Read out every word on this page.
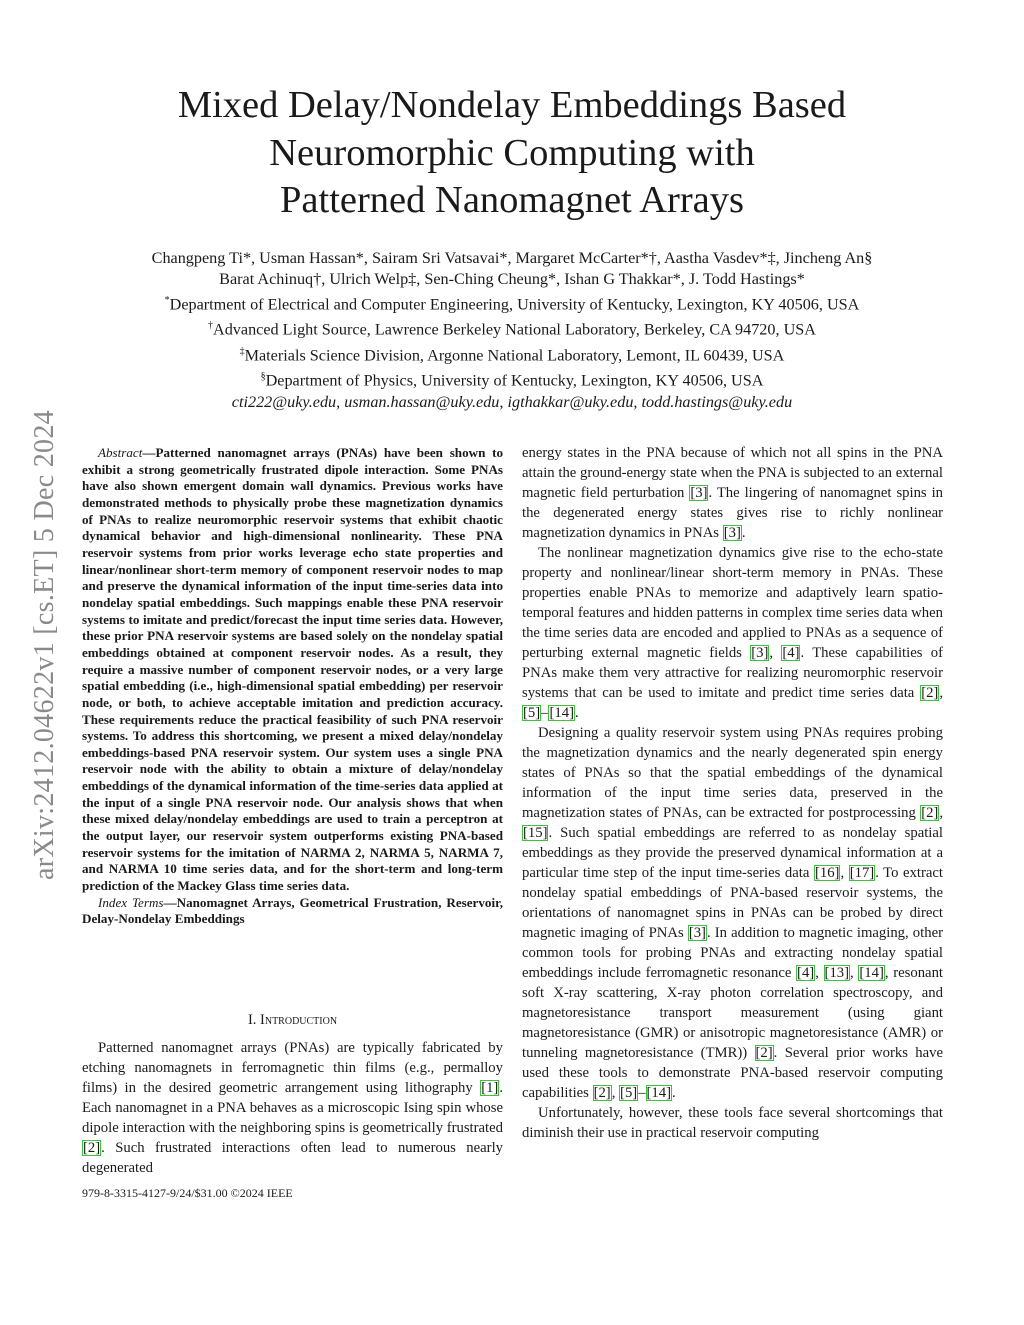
arXiv:2412.04622v1 [cs.ET] 5 Dec 2024
Mixed Delay/Nondelay Embeddings Based
Neuromorphic Computing with
Patterned Nanomagnet Arrays
Changpeng Ti*, Usman Hassan*, Sairam Sri Vatsavai*, Margaret McCarter*†, Aastha Vasdev*‡, Jincheng An§
Barat Achinuq†, Ulrich Welp‡, Sen-Ching Cheung*, Ishan G Thakkar*, J. Todd Hastings*
*Department of Electrical and Computer Engineering, University of Kentucky, Lexington, KY 40506, USA
†Advanced Light Source, Lawrence Berkeley National Laboratory, Berkeley, CA 94720, USA
‡Materials Science Division, Argonne National Laboratory, Lemont, IL 60439, USA
§Department of Physics, University of Kentucky, Lexington, KY 40506, USA
cti222@uky.edu, usman.hassan@uky.edu, igthakkar@uky.edu, todd.hastings@uky.edu

Abstract—Patterned nanomagnet arrays (PNAs) have been shown to exhibit a strong geometrically frustrated dipole interaction. Some PNAs have also shown emergent domain wall dynamics. Previous works have demonstrated methods to physically probe these magnetization dynamics of PNAs to realize neuromorphic reservoir systems that exhibit chaotic dynamical behavior and high-dimensional nonlinearity. These PNA reservoir systems from prior works leverage echo state properties and linear/nonlinear short-term memory of component reservoir nodes to map and preserve the dynamical information of the input time-series data into nondelay spatial embeddings. Such mappings enable these PNA reservoir systems to imitate and predict/forecast the input time series data. However, these prior PNA reservoir systems are based solely on the nondelay spatial embeddings obtained at component reservoir nodes. As a result, they require a massive number of component reservoir nodes, or a very large spatial embedding (i.e., high-dimensional spatial embedding) per reservoir node, or both, to achieve acceptable imitation and prediction accuracy. These requirements reduce the practical feasibility of such PNA reservoir systems. To address this shortcoming, we present a mixed delay/nondelay embeddings-based PNA reservoir system. Our system uses a single PNA reservoir node with the ability to obtain a mixture of delay/nondelay embeddings of the dynamical information of the time-series data applied at the input of a single PNA reservoir node. Our analysis shows that when these mixed delay/nondelay embeddings are used to train a perceptron at the output layer, our reservoir system outperforms existing PNA-based reservoir systems for the imitation of NARMA 2, NARMA 5, NARMA 7, and NARMA 10 time series data, and for the short-term and long-term prediction of the Mackey Glass time series data.

Index Terms—Nanomagnet Arrays, Geometrical Frustration, Reservoir, Delay-Nondelay Embeddings

I. Introduction

Patterned nanomagnet arrays (PNAs) are typically fabricated by etching nanomagnets in ferromagnetic thin films (e.g., permalloy films) in the desired geometric arrangement using lithography [1]. Each nanomagnet in a PNA behaves as a microscopic Ising spin whose dipole interaction with the neighboring spins is geometrically frustrated [2]. Such frustrated interactions often lead to numerous nearly degenerated

energy states in the PNA because of which not all spins in the PNA attain the ground-energy state when the PNA is subjected to an external magnetic field perturbation [3]. The lingering of nanomagnet spins in the degenerated energy states gives rise to richly nonlinear magnetization dynamics in PNAs [3].

The nonlinear magnetization dynamics give rise to the echo-state property and nonlinear/linear short-term memory in PNAs. These properties enable PNAs to memorize and adaptively learn spatio-temporal features and hidden patterns in complex time series data when the time series data are encoded and applied to PNAs as a sequence of perturbing external magnetic fields [3], [4]. These capabilities of PNAs make them very attractive for realizing neuromorphic reservoir systems that can be used to imitate and predict time series data [2], [5]–[14].

Designing a quality reservoir system using PNAs requires probing the magnetization dynamics and the nearly degenerated spin energy states of PNAs so that the spatial embeddings of the dynamical information of the input time series data, preserved in the magnetization states of PNAs, can be extracted for postprocessing [2], [15]. Such spatial embeddings are referred to as nondelay spatial embeddings as they provide the preserved dynamical information at a particular time step of the input time-series data [16], [17]. To extract nondelay spatial embeddings of PNA-based reservoir systems, the orientations of nanomagnet spins in PNAs can be probed by direct magnetic imaging of PNAs [3]. In addition to magnetic imaging, other common tools for probing PNAs and extracting nondelay spatial embeddings include ferromagnetic resonance [4], [13], [14], resonant soft X-ray scattering, X-ray photon correlation spectroscopy, and magnetoresistance transport measurement (using giant magnetoresistance (GMR) or anisotropic magnetoresistance (AMR) or tunneling magnetoresistance (TMR)) [2]. Several prior works have used these tools to demonstrate PNA-based reservoir computing capabilities [2], [5]–[14].

Unfortunately, however, these tools face several shortcomings that diminish their use in practical reservoir computing

979-8-3315-4127-9/24/$31.00 ©2024 IEEE
